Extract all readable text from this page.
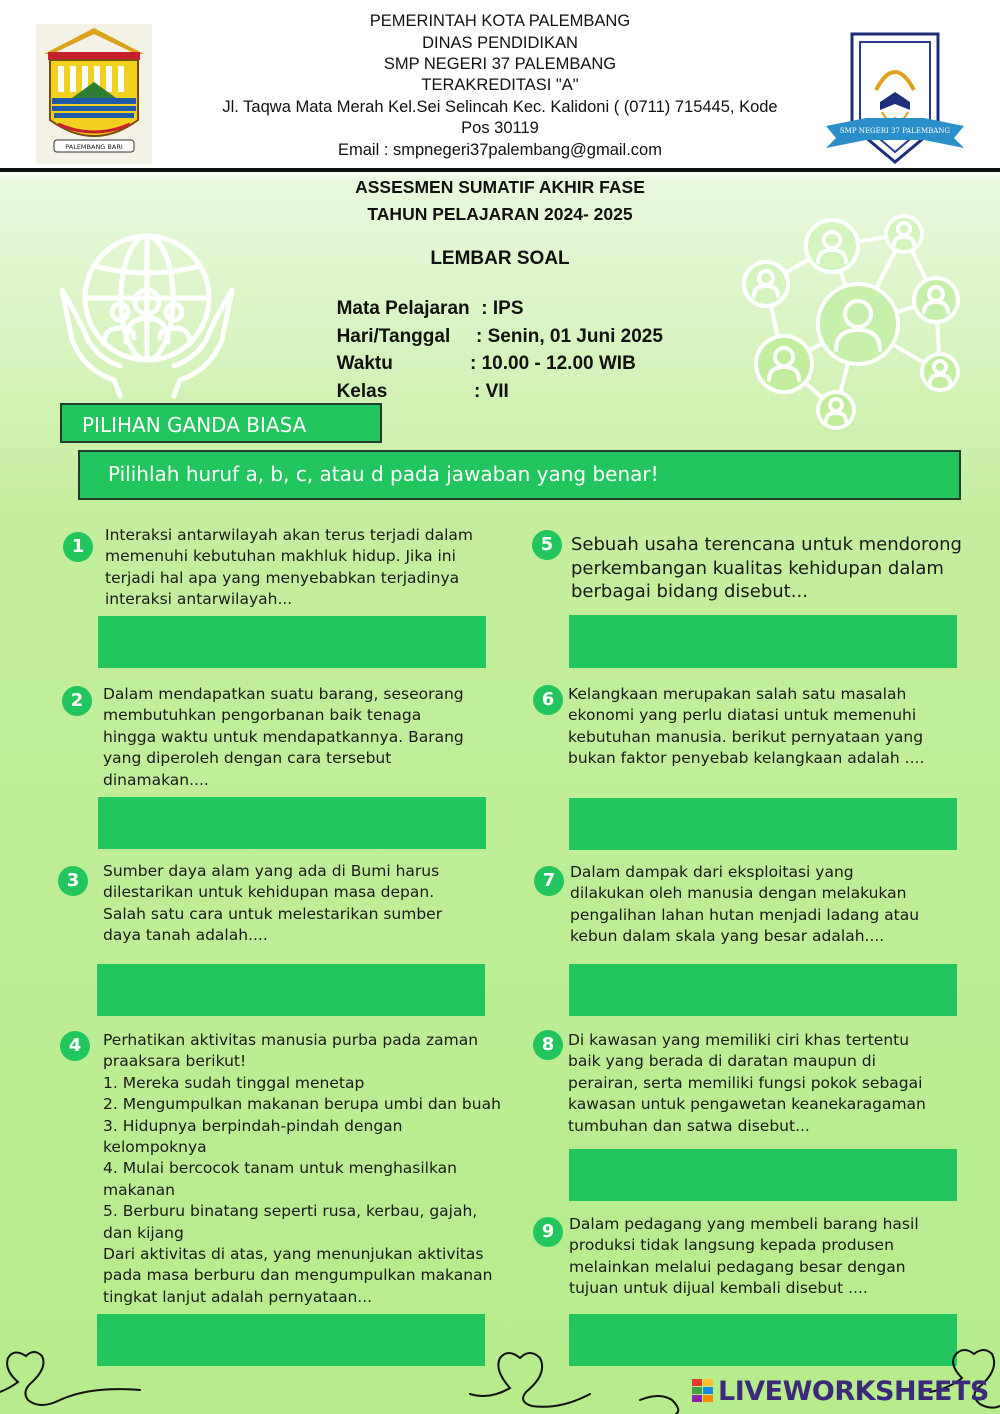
PALEMBANG BARI
SMP NEGERI 37 PALEMBANG
PEMERINTAH KOTA PALEMBANG
DINAS PENDIDIKAN
SMP NEGERI 37 PALEMBANG
TERAKREDITASI "A"
Jl. Taqwa Mata Merah Kel.Sei Selincah Kec. Kalidoni ( (0711) 715445, Kode
Pos 30119
Email : smpnegeri37palembang@gmail.com
ASSESMEN SUMATIF AKHIR FASE
TAHUN PELAJARAN 2024- 2025
LEMBAR SOAL

Mata Pelajaran : IPS

Hari/Tanggal : Senin, 01 Juni 2025

Waktu	: 10.00 - 12.00 WIB

Kelas	: VII

PILIHAN GANDA BIASA
Pilihlah huruf a, b, c, atau d pada jawaban yang benar!
1
Interaksi antarwilayah akan terus terjadi dalam
memenuhi kebutuhan makhluk hidup. Jika ini
terjadi hal apa yang menyebabkan terjadinya
interaksi antarwilayah...
2	Dalam mendapatkan suatu barang, seseorang
membutuhkan pengorbanan baik tenaga
hingga waktu untuk mendapatkannya. Barang
yang diperoleh dengan cara tersebut
dinamakan....
3	Sumber daya alam yang ada di Bumi harus
dilestarikan untuk kehidupan masa depan.
Salah satu cara untuk melestarikan sumber
daya tanah adalah....
4	Perhatikan aktivitas manusia purba pada zaman
praaksara berikut!
1. Mereka sudah tinggal menetap
2. Mengumpulkan makanan berupa umbi dan buah
3. Hidupnya berpindah-pindah dengan
kelompoknya
4. Mulai bercocok tanam untuk menghasilkan
makanan
5. Berburu binatang seperti rusa, kerbau, gajah,
dan kijang
Dari aktivitas di atas, yang menunjukan aktivitas
pada masa berburu dan mengumpulkan makanan
tingkat lanjut adalah pernyataan...
5 Sebuah usaha terencana untuk mendorong
perkembangan kualitas kehidupan dalam
berbagai bidang disebut...
6 Kelangkaan merupakan salah satu masalah
ekonomi yang perlu diatasi untuk memenuhi
kebutuhan manusia. berikut pernyataan yang
bukan faktor penyebab kelangkaan adalah ....
7 Dalam dampak dari eksploitasi yang
dilakukan oleh manusia dengan melakukan
pengalihan lahan hutan menjadi ladang atau
kebun dalam skala yang besar adalah....
8 Di kawasan yang memiliki ciri khas tertentu
baik yang berada di daratan maupun di
perairan, serta memiliki fungsi pokok sebagai
kawasan untuk pengawetan keanekaragaman
tumbuhan dan satwa disebut...
9 Dalam pedagang yang membeli barang hasil
produksi tidak langsung kepada produsen
melainkan melalui pedagang besar dengan
tujuan untuk dijual kembali disebut ....
LIVEWORKSHEETS
